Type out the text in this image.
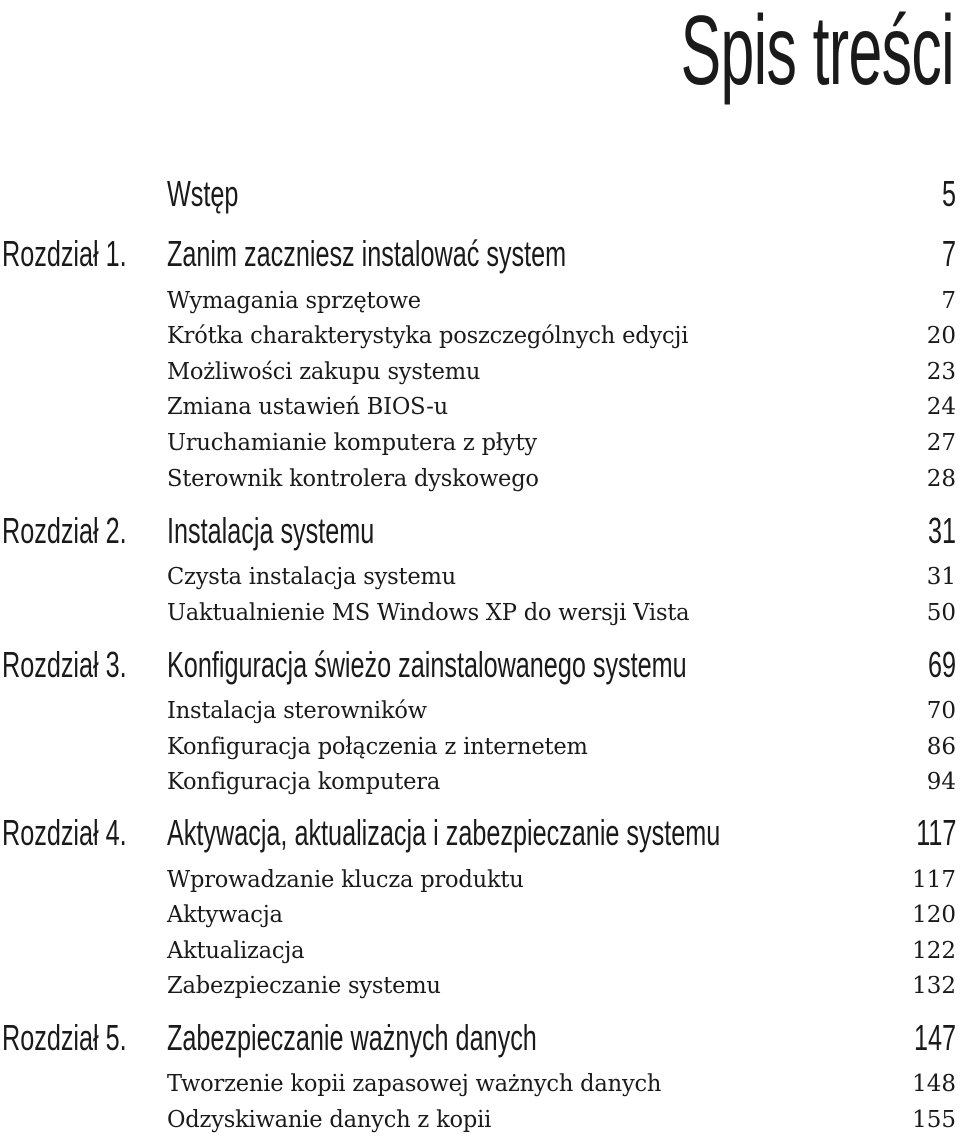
Spis treści
Wstęp	5
Rozdział 1. Zanim zaczniesz instalować system	7
Wymagania sprzętowe	7
Krótka charakterystyka poszczególnych edycji	20
Możliwości zakupu systemu	23
Zmiana ustawień BIOS-u	24
Uruchamianie komputera z płyty	27
Sterownik kontrolera dyskowego	28
Rozdział 2. Instalacja systemu	31
Czysta instalacja systemu	31
Uaktualnienie MS Windows XP do wersji Vista	50
Rozdział 3. Konfiguracja świeżo zainstalowanego systemu	69
Instalacja sterowników	70
Konfiguracja połączenia z internetem	86
Konfiguracja komputera	94
Rozdział 4. Aktywacja, aktualizacja i zabezpieczanie systemu	117
Wprowadzanie klucza produktu	117
Aktywacja	120
Aktualizacja	122
Zabezpieczanie systemu	132
Rozdział 5. Zabezpieczanie ważnych danych	147
Tworzenie kopii zapasowej ważnych danych	148
Odzyskiwanie danych z kopii	155
